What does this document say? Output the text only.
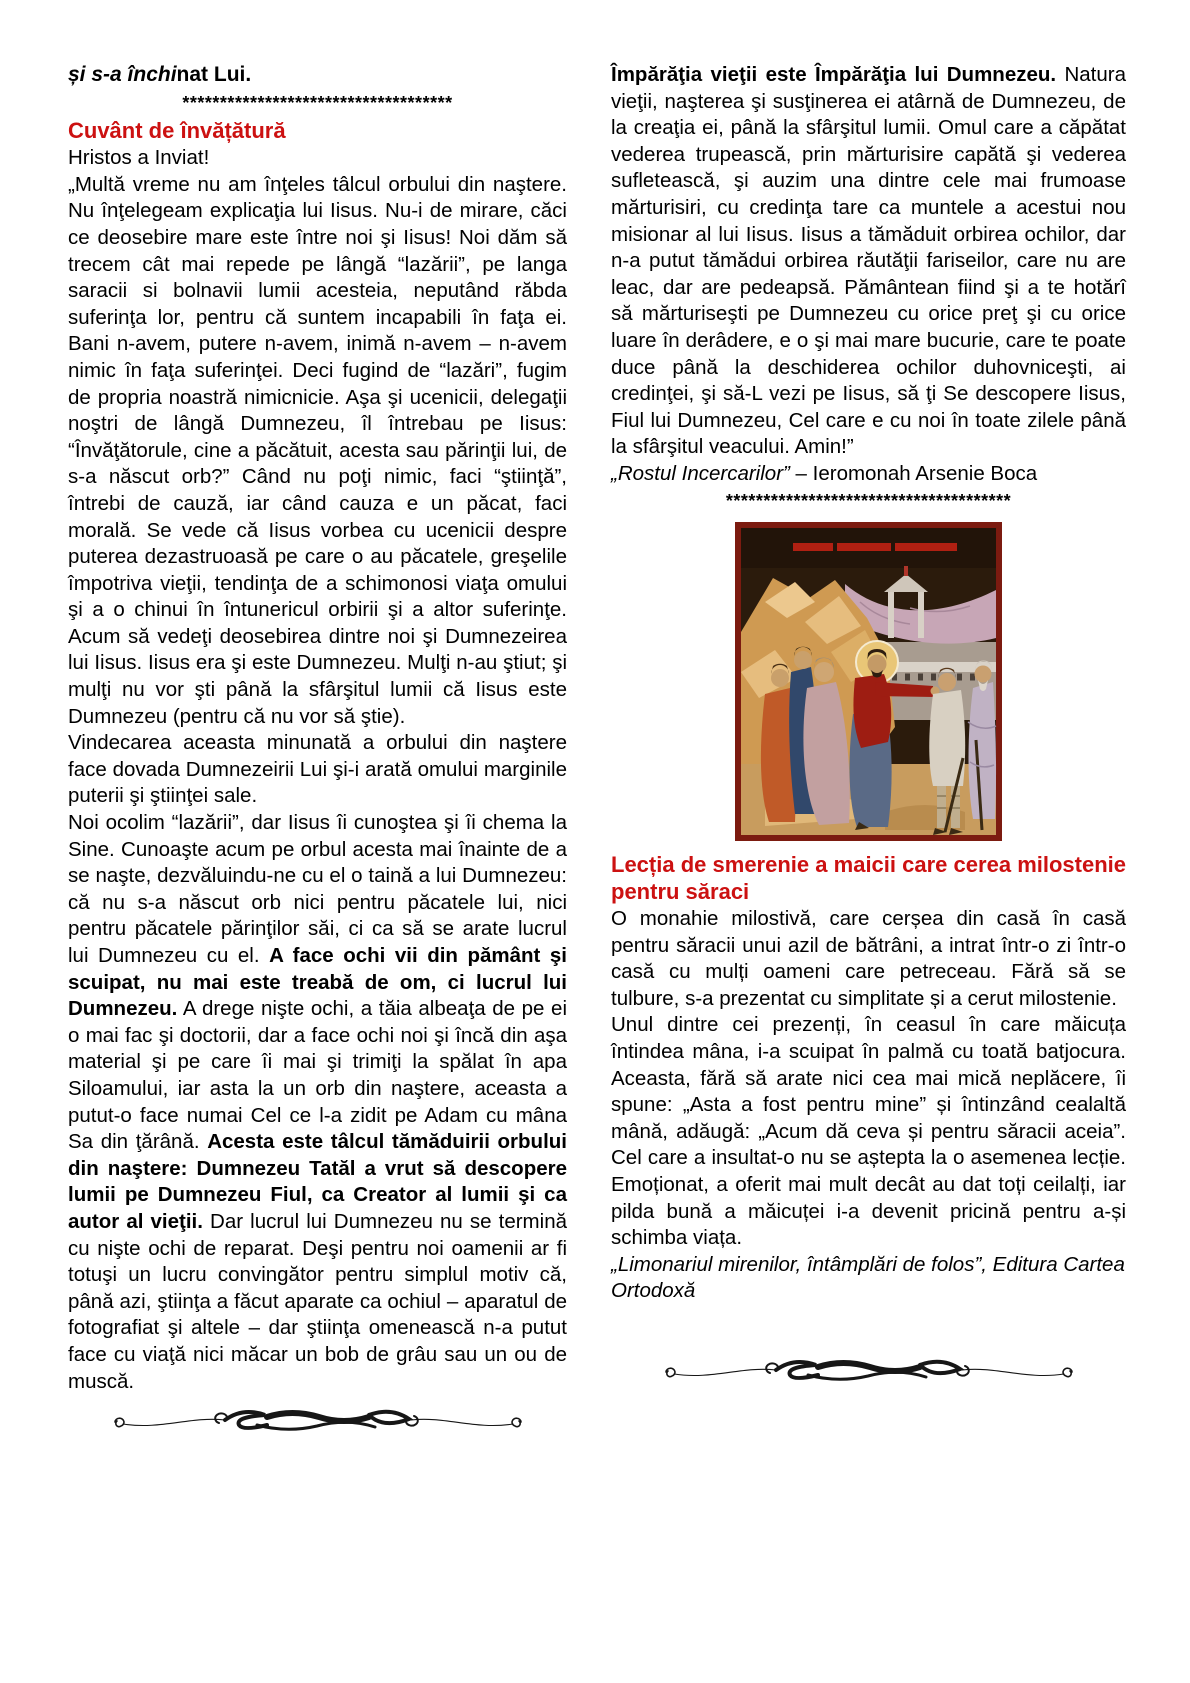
și s-a închinat Lui.
************************************
Cuvânt de învățătură

Hristos a Inviat!

„Multă vreme nu am înţeles tâlcul orbului din naştere. Nu înţelegeam explicaţia lui Iisus. Nu-i de mirare, căci ce deosebire mare este între noi şi Iisus! Noi dăm să trecem cât mai repede pe lângă “lazării”, pe langa saracii si bolnavii lumii acesteia, neputând răbda suferinţa lor, pentru că suntem incapabili în faţa ei. Bani n-avem, putere n-avem, inimă n-avem – n-avem nimic în faţa suferinţei. Deci fugind de “lazări”, fugim de propria noastră nimicnicie. Aşa şi ucenicii, delegaţii noştri de lângă Dumnezeu, îl întrebau pe Iisus: “Învăţătorule, cine a păcătuit, acesta sau părinţii lui, de s-a născut orb?” Când nu poţi nimic, faci “ştiinţă”, întrebi de cauză, iar când cauza e un păcat, faci morală. Se vede că Iisus vorbea cu ucenicii despre puterea dezastruoasă pe care o au păcatele, greşelile împotriva vieţii, tendinţa de a schimonosi viaţa omului şi a o chinui în întunericul orbirii şi a altor suferinţe. Acum să vedeţi deosebirea dintre noi şi Dumnezeirea lui Iisus. Iisus era şi este Dumnezeu. Mulţi n-au ştiut; şi mulţi nu vor şti până la sfârşitul lumii că Iisus este Dumnezeu (pentru că nu vor să ştie).

Vindecarea aceasta minunată a orbului din naştere face dovada Dumnezeirii Lui şi-i arată omului marginile puterii şi ştiinţei sale.

Noi ocolim “lazării”, dar Iisus îi cunoştea şi îi chema la Sine. Cunoaşte acum pe orbul acesta mai înainte de a se naşte, dezvăluindu-ne cu el o taină a lui Dumnezeu: că nu s-a născut orb nici pentru păcatele lui, nici pentru păcatele părinţilor săi, ci ca să se arate lucrul lui Dumnezeu cu el. A face ochi vii din pământ şi scuipat, nu mai este treabă de om, ci lucrul lui Dumnezeu. A drege nişte ochi, a tăia albeaţa de pe ei o mai fac şi doctorii, dar a face ochi noi şi încă din aşa material şi pe care îi mai şi trimiţi la spălat în apa Siloamului, iar asta la un orb din naştere, aceasta a putut-o face numai Cel ce l-a zidit pe Adam cu mâna Sa din ţărână. Acesta este tâlcul tămăduirii orbului din naştere: Dumnezeu Tatăl a vrut să descopere lumii pe Dumnezeu Fiul, ca Creator al lumii şi ca autor al vieţii. Dar lucrul lui Dumnezeu nu se termină cu nişte ochi de reparat. Deşi pentru noi oamenii ar fi totuşi un lucru convingător pentru simplul motiv că, până azi, ştiinţa a făcut aparate ca ochiul – aparatul de fotografiat şi altele – dar ştiinţa omenească n-a putut face cu viaţă nici măcar un bob de grâu sau un ou de muscă.

Împărăţia vieţii este Împărăţia lui Dumnezeu. Natura vieţii, naşterea şi susţinerea ei atârnă de Dumnezeu, de la creaţia ei, până la sfârşitul lumii. Omul care a căpătat vederea trupească, prin mărturisire capătă şi vederea sufletească, şi auzim una dintre cele mai frumoase mărturisiri, cu credinţa tare ca muntele a acestui nou misionar al lui Iisus. Iisus a tămăduit orbirea ochilor, dar n-a putut tămădui orbirea răutăţii fariseilor, care nu are leac, dar are pedeapsă. Pământean fiind şi a te hotărî să mărturiseşti pe Dumnezeu cu orice preţ şi cu orice luare în derâdere, e o şi mai mare bucurie, care te poate duce până la deschiderea ochilor duhovniceşti, ai credinţei, şi să-L vezi pe Iisus, să ţi Se descopere Iisus, Fiul lui Dumnezeu, Cel care e cu noi în toate zilele până la sfârşitul veacului. Amin!”

„Rostul Incercarilor” – Ieromonah Arsenie Boca

**************************************
Lecția de smerenie a maicii care cerea milostenie pentru săraci

O monahie milostivă, care cerșea din casă în casă pentru săracii unui azil de bătrâni, a intrat într-o zi într-o casă cu mulți oameni care petreceau. Fără să se tulbure, s-a prezentat cu simplitate și a cerut milostenie.

Unul dintre cei prezenți, în ceasul în care măicuța întindea mâna, i-a scuipat în palmă cu toată batjocura. Aceasta, fără să arate nici cea mai mică neplăcere, îi spune: „Asta a fost pentru mine” și întinzând cealaltă mână, adăugă: „Acum dă ceva și pentru săracii aceia”. Cel care a insultat-o nu se aștepta la o asemenea lecție. Emoționat, a oferit mai mult decât au dat toți ceilalți, iar pilda bună a măicuței i-a devenit pricină pentru a-și schimba viața.

„Limonariul mirenilor, întâmplări de folos”, Editura Cartea Ortodoxă
